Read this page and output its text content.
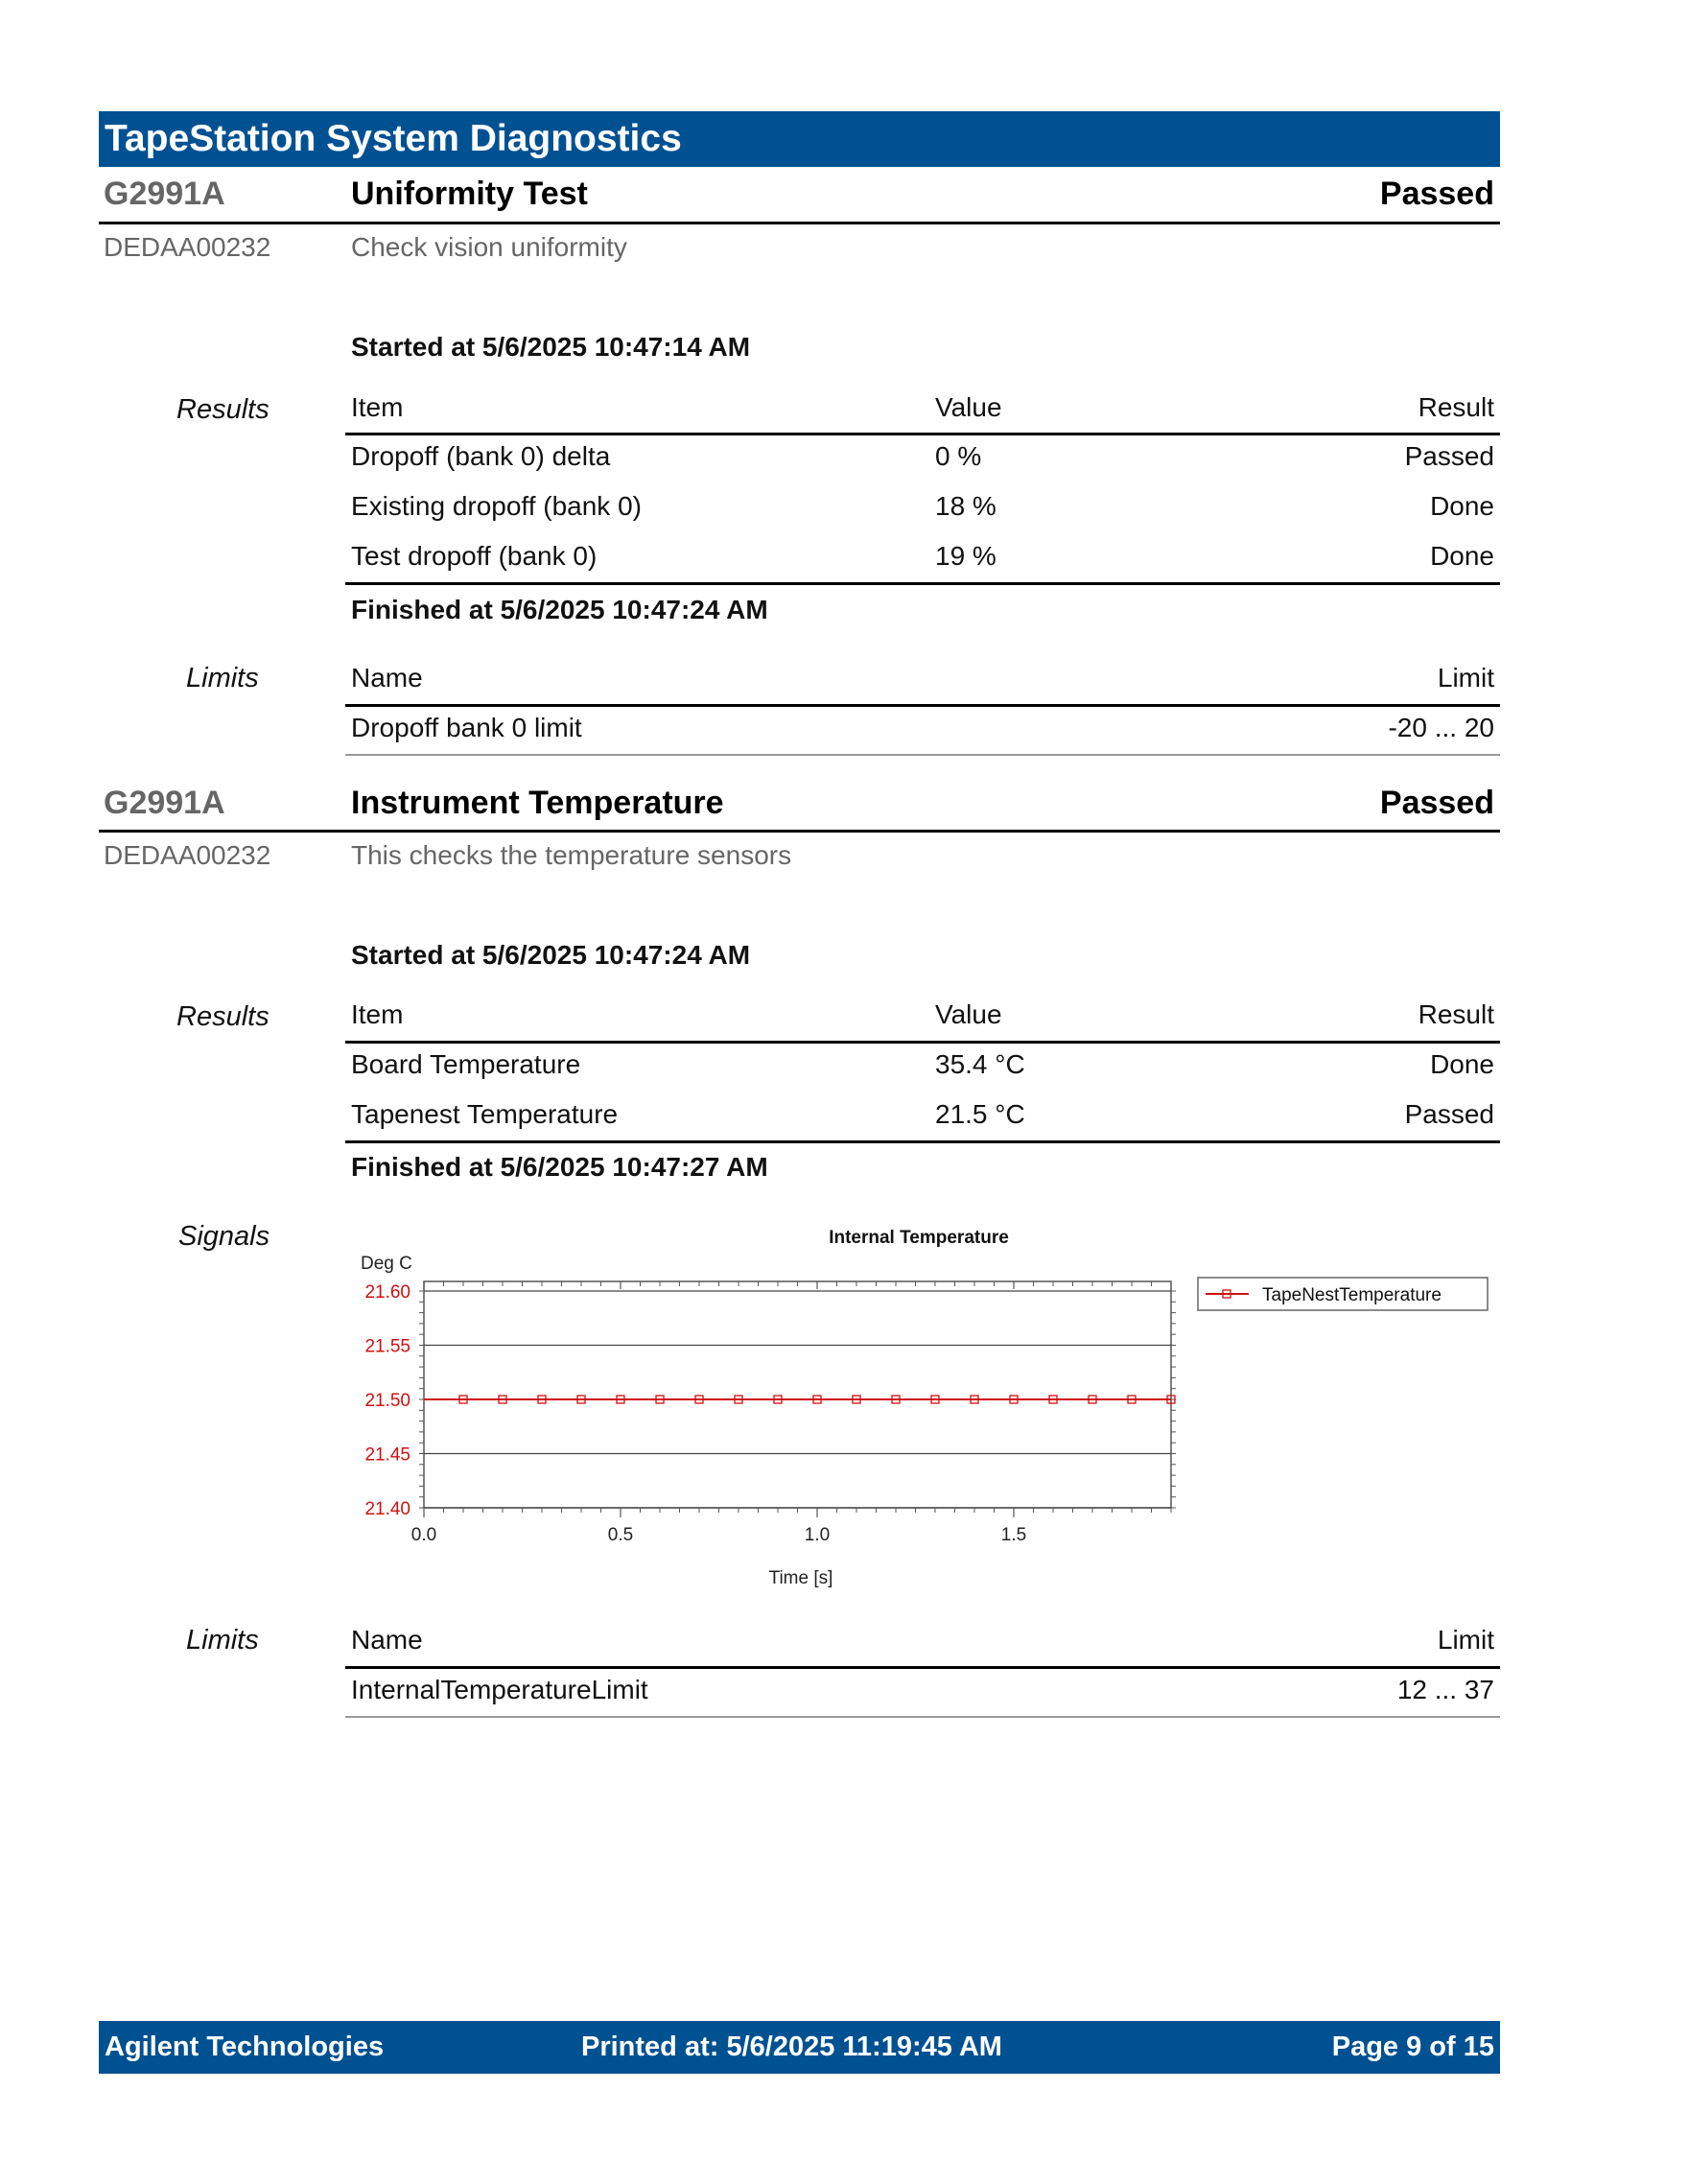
TapeStation System Diagnostics
G2991A	Uniformity Test	Passed
DEDAA00232	Check vision uniformity
Started at 5/6/2025 10:47:14 AM
Results	Item	Value	Result
Dropoff (bank 0) delta	0 %	Passed
Existing dropoff (bank 0)	18 %	Done
Test dropoff (bank 0)	19 %	Done
Finished at 5/6/2025 10:47:24 AM
Limits	Name	Limit
Dropoff bank 0 limit	-20 ... 20
G2991A	Instrument Temperature	Passed
DEDAA00232	This checks the temperature sensors
Started at 5/6/2025 10:47:24 AM
Results	Item	Value	Result
Board Temperature	35.4 °C	Done
Tapenest Temperature	21.5 °C	Passed
Finished at 5/6/2025 10:47:27 AM
Signals	Internal Temperature
Deg C
Time [s]
21.60
21.55
21.50
21.45
21.40
0.0	0.5	1.0	1.5
TapeNestTemperature
Limits	Name	Limit
InternalTemperatureLimit	12 ... 37
Agilent Technologies	Printed at: 5/6/2025 11:19:45 AM	Page 9 of 15
